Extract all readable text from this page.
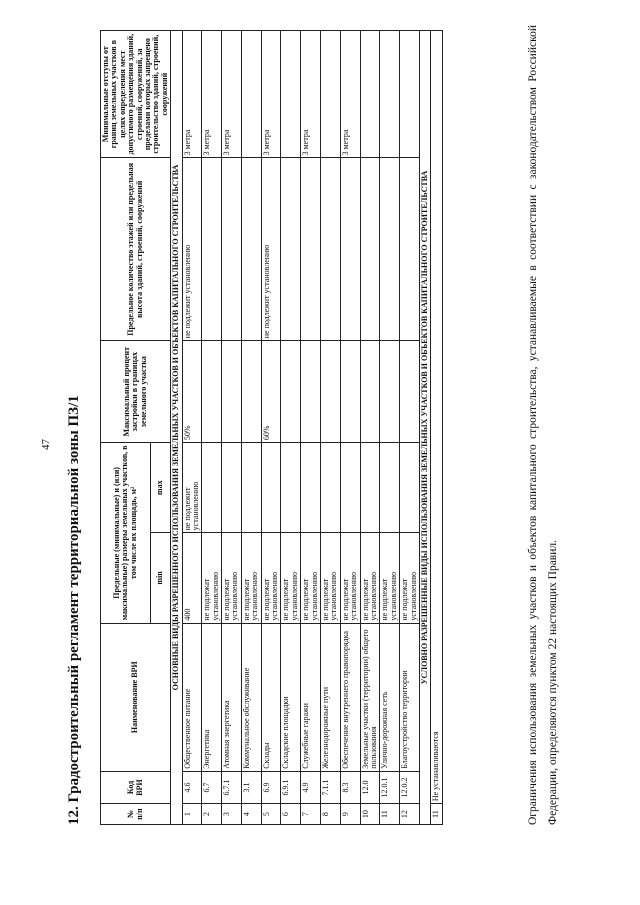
47 12. Градостроительный регламент территориальной зоны ПЗ/1	№ п/п	Код ВРИ	Наименование ВРИ	Предельные (минимальные) и (или) максимальные) размеры земельных участков, в том числе их площадь, м²		Максимальный процент застройки в границах земельного участка	Предельное количество этажей или предельная высота зданий, строений, сооружений	Минимальные отступы от границ земельных участков в целях определения мест допустимого размещения зданий, строений, сооружений, за пределами которых запрещено строительство зданий, строений, сооружений
			min	max			
ОСНОВНЫЕ ВИДЫ РАЗРЕШЕННОГО ИСПОЛЬЗОВАНИЯ ЗЕМЕЛЬНЫХ УЧАСТКОВ И ОБЪЕКТОВ КАПИТАЛЬНОГО СТРОИТЕЛЬСТВА							
1	4.6	Общественное питание	400	не подлежит установлению	50%	не подлежит установлению	3 метра
2	6.7	Энергетика	не подлежат установлению				3 метра
3	6.7.1	Атомная энергетика	не подлежат установлению				3 метра
4	3.1	Коммунальное обслуживание	не подлежат установлению				
5	6.9	Склады	не подлежат установлению		60%	не подлежит установлению	3 метра
6	6.9.1	Складские площадки	не подлежат установлению				
7	4.9	Служебные гаражи	не подлежат установлению				3 метра
8	7.1.1	Железнодорожные пути	не подлежат установлению				
9	8.3	Обеспечение внутреннего правопорядка	не подлежат установлению				3 метра
10	12.0	Земельные участки (территории) общего пользования	не подлежат установлению				
11	12.0.1	Улично-дорожная сеть	не подлежат установлению				
12	12.0.2	Благоустройство территории	не подлежат установлению				
УСЛОВНО РАЗРЕШЕННЫЕ ВИДЫ ИСПОЛЬЗОВАНИЯ ЗЕМЕЛЬНЫХ УЧАСТКОВ И ОБЪЕКТОВ КАПИТАЛЬНОГО СТРОИТЕЛЬСТВА							
11	Не устанавливаются							Ограничения использования земельных участков и объектов капитального строительства, устанавливаемые в соответствии с законодательством Российской Федерации, определяются пунктом 22 настоящих Правил.
